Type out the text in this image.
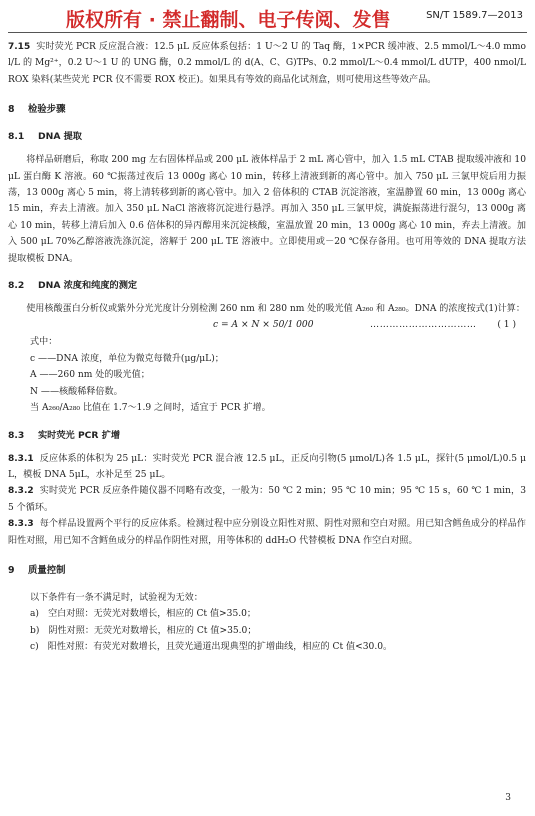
版权所有 · 禁止翻制、电子传阅、发售	SN/T 1589.7—2013

7.15 实时荧光 PCR 反应混合液：12.5 μL 反应体系包括：1 U～2 U 的 Taq 酶，1×PCR 缓冲液、2.5 mmol/L～4.0 mmol/L 的 Mg²⁺，0.2 U～1 U 的 UNG 酶，0.2 mmol/L 的 d(A、C、G)TPs、0.2 mmol/L～0.4 mmol/L dUTP，400 nmol/L ROX 染料(某些荧光 PCR 仪不需要 ROX 校正)。如果具有等效的商品化试剂盒，则可使用这些等效产品。

8 检验步骤

8.1 DNA 提取

将样品研磨后，称取 200 mg 左右固体样品或 200 μL 液体样品于 2 mL 离心管中，加入 1.5 mL CTAB 提取缓冲液和 10 μL 蛋白酶 K 溶液。60 ℃振荡过夜后 13 000g 离心 10 min，转移上清液到新的离心管中。加入 750 μL 三氯甲烷后用力振荡，13 000g 离心 5 min，将上清转移到新的离心管中。加入 2 倍体积的 CTAB 沉淀溶液，室温静置 60 min，13 000g 离心 15 min，弃去上清液。加入 350 μL NaCl 溶液将沉淀进行悬浮。再加入 350 μL 三氯甲烷，满旋振荡进行混匀，13 000g 离心 10 min，转移上清后加入 0.6 倍体积的异丙醇用来沉淀核酸，室温放置 20 min，13 000g 离心 10 min，弃去上清液。加入 500 μL 70%乙醇溶液洗涤沉淀，溶解于 200 μL TE 溶液中。立即使用或－20 ℃保存备用。也可用等效的 DNA 提取方法提取模板 DNA。

8.2 DNA 浓度和纯度的测定

使用核酸蛋白分析仪或紫外分光光度计分别检测 260 nm 和 280 nm 处的吸光值 A₂₆₀ 和 A₂₈₀。DNA 的浓度按式(1)计算：

c = A × N × 50/1 000	…………………………… ( 1 )

式中：

c ——DNA 浓度，单位为微克每微升(μg/μL)；

A ——260 nm 处的吸光值；

N ——核酸稀释倍数。

当 A₂₆₀/A₂₈₀ 比值在 1.7～1.9 之间时，适宜于 PCR 扩增。

8.3 实时荧光 PCR 扩增

8.3.1 反应体系的体积为 25 μL：实时荧光 PCR 混合液 12.5 μL，正反向引物(5 μmol/L)各 1.5 μL，探针(5 μmol/L)0.5 μL，模板 DNA 5μL，水补足至 25 μL。

8.3.2 实时荧光 PCR 反应条件随仪器不同略有改变，一般为：50 ℃ 2 min；95 ℃ 10 min；95 ℃ 15 s，60 ℃ 1 min，35 个循环。

8.3.3 每个样品设置两个平行的反应体系。检测过程中应分别设立阳性对照、阴性对照和空白对照。用已知含鳕鱼成分的样品作阳性对照，用已知不含鳕鱼成分的样品作阴性对照，用等体积的 ddH₂O 代替模板 DNA 作空白对照。

9 质量控制

以下条件有一条不满足时，试验视为无效：

a)　空白对照：无荧光对数增长，相应的 Ct 值>35.0；

b)　阴性对照：无荧光对数增长，相应的 Ct 值>35.0；

c)　阳性对照：有荧光对数增长，且荧光通道出现典型的扩增曲线，相应的 Ct 值<30.0。

3
